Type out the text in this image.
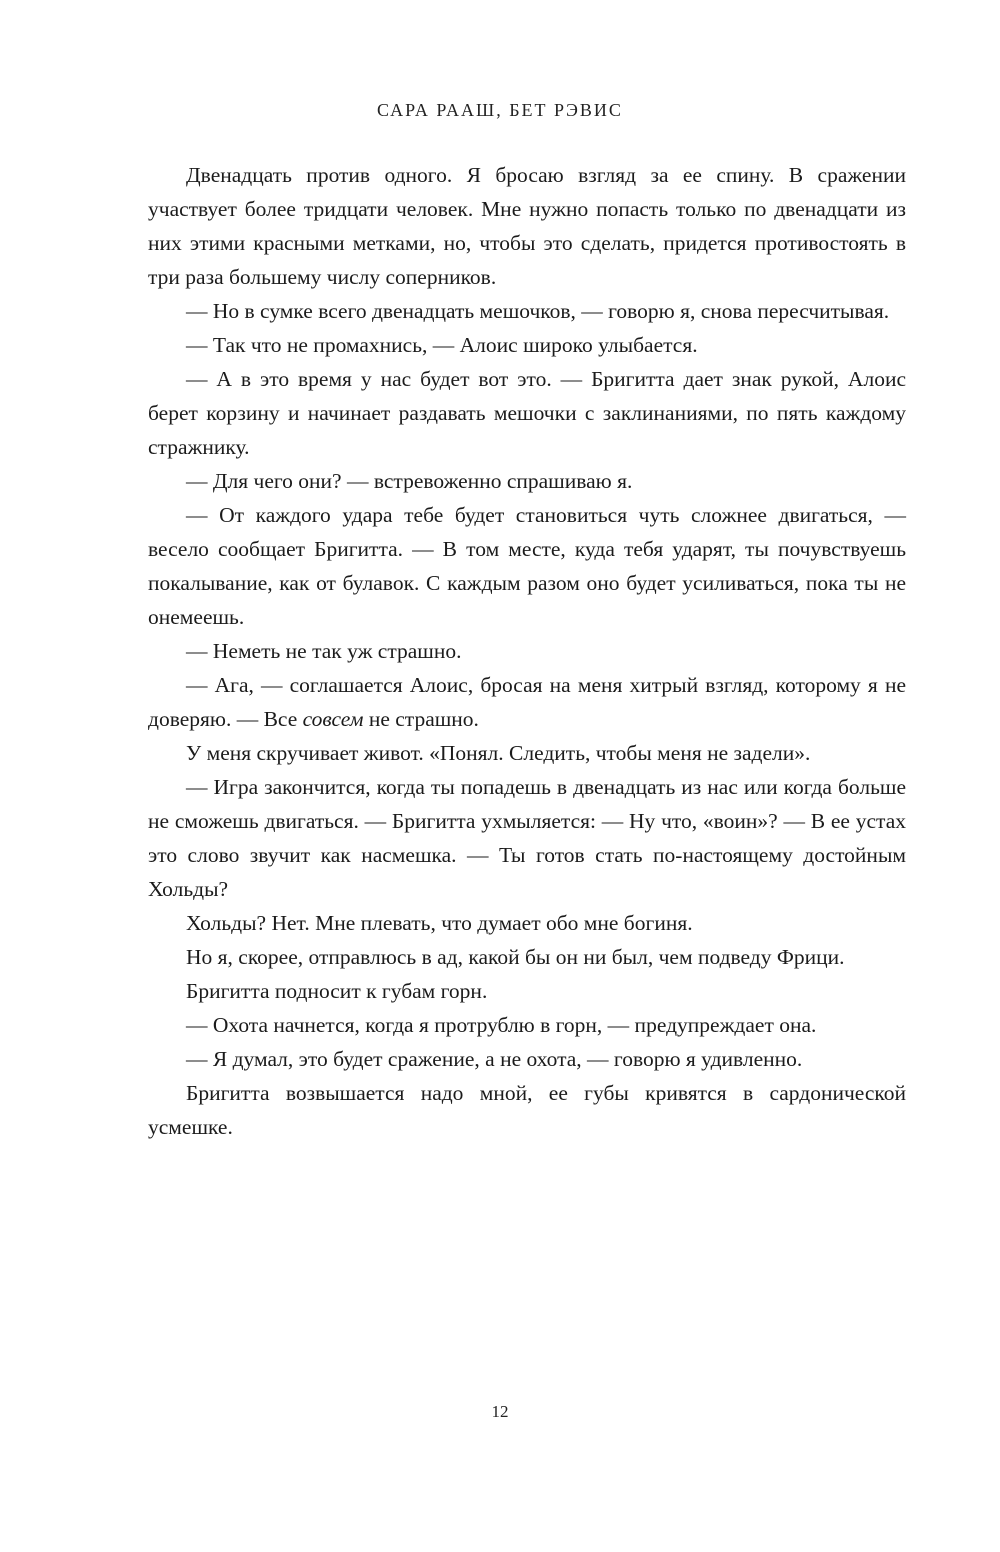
САРА РААШ, БЕТ РЭВИС

Двенадцать против одного. Я бросаю взгляд за ее спину. В сражении участвует более тридцати человек. Мне нужно попасть только по двенадцати из них этими красными метками, но, чтобы это сделать, придется противостоять в три раза большему числу соперников.

— Но в сумке всего двенадцать мешочков, — говорю я, снова пересчитывая.

— Так что не промахнись, — Алоис широко улыбается.

— А в это время у нас будет вот это. — Бригитта дает знак рукой, Алоис берет корзину и начинает раздавать мешочки с заклинаниями, по пять каждому стражнику.

— Для чего они? — встревоженно спрашиваю я.

— От каждого удара тебе будет становиться чуть сложнее двигаться, — весело сообщает Бригитта. — В том месте, куда тебя ударят, ты почувствуешь покалывание, как от булавок. С каждым разом оно будет усиливаться, пока ты не онемеешь.

— Неметь не так уж страшно.

— Ага, — соглашается Алоис, бросая на меня хитрый взгляд, которому я не доверяю. — Все совсем не страшно.

У меня скручивает живот. «Понял. Следить, чтобы меня не задели».

— Игра закончится, когда ты попадешь в двенадцать из нас или когда больше не сможешь двигаться. — Бригитта ухмыляется: — Ну что, «воин»? — В ее устах это слово звучит как насмешка. — Ты готов стать по-настоящему достойным Хольды?

Хольды? Нет. Мне плевать, что думает обо мне богиня.

Но я, скорее, отправлюсь в ад, какой бы он ни был, чем подведу Фрици.

Бригитта подносит к губам горн.

— Охота начнется, когда я протрублю в горн, — предупреждает она.

— Я думал, это будет сражение, а не охота, — говорю я удивленно.

Бригитта возвышается надо мной, ее губы кривятся в сардонической усмешке.

12
